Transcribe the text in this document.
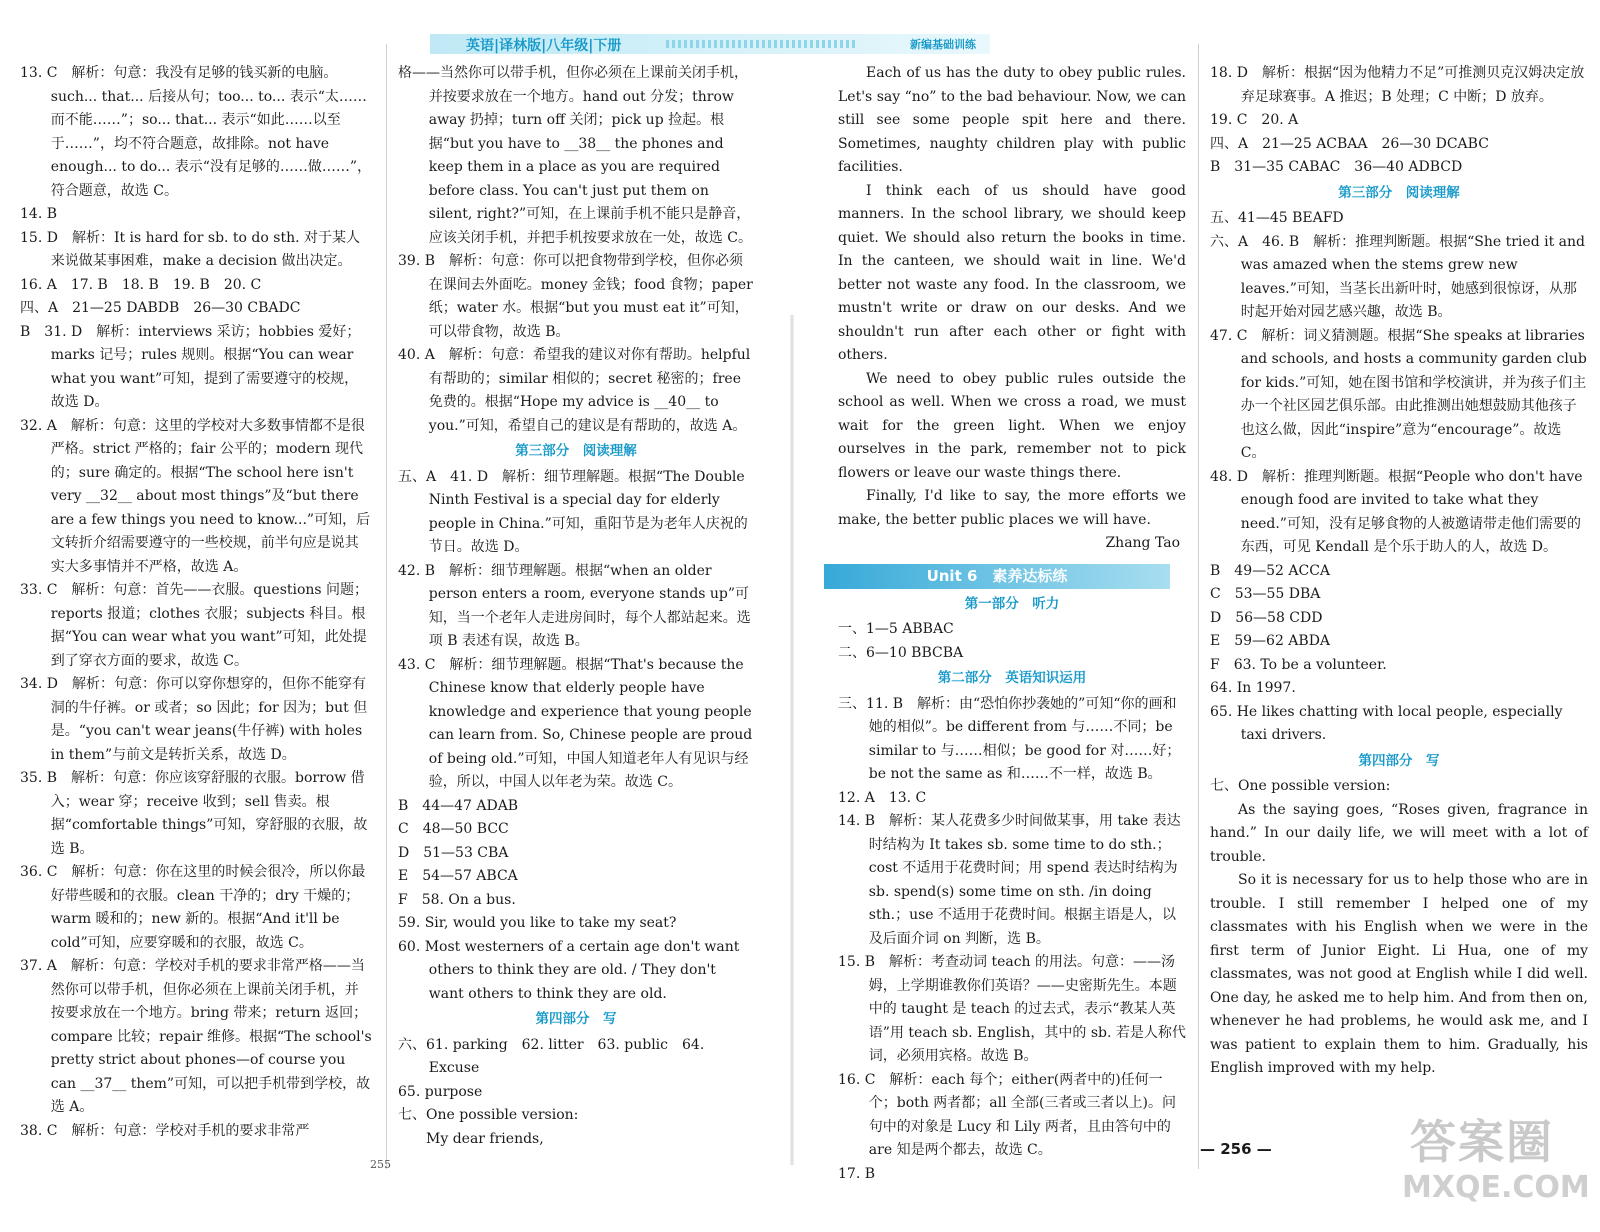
英语|译林版|八年级|下册	新编基础训练

13. C　解析：句意：我没有足够的钱买新的电脑。such... that... 后接从句；too... to... 表示“太……而不能……”；so... that... 表示“如此……以至于……”，均不符合题意，故排除。not have enough... to do... 表示“没有足够的……做……”，符合题意，故选 C。

14. B

15. D　解析：It is hard for sb. to do sth. 对于某人来说做某事困难，make a decision 做出决定。

16. A　17. B　18. B　19. B　20. C

四、A　21—25 DABDB　26—30 CBADC

B　31. D　解析：interviews 采访；hobbies 爱好；marks 记号；rules 规则。根据“You can wear what you want”可知，提到了需要遵守的校规，故选 D。

32. A　解析：句意：这里的学校对大多数事情都不是很严格。strict 严格的；fair 公平的；modern 现代的；sure 确定的。根据“The school here isn't very __32__ about most things”及“but there are a few things you need to know...”可知，后文转折介绍需要遵守的一些校规，前半句应是说其实大多事情并不严格，故选 A。

33. C　解析：句意：首先——衣服。questions 问题；reports 报道；clothes 衣服；subjects 科目。根据“You can wear what you want”可知，此处提到了穿衣方面的要求，故选 C。

34. D　解析：句意：你可以穿你想穿的，但你不能穿有洞的牛仔裤。or 或者；so 因此；for 因为；but 但是。“you can't wear jeans(牛仔裤) with holes in them”与前文是转折关系，故选 D。

35. B　解析：句意：你应该穿舒服的衣服。borrow 借入；wear 穿；receive 收到；sell 售卖。根据“comfortable things”可知，穿舒服的衣服，故选 B。

36. C　解析：句意：你在这里的时候会很冷，所以你最好带些暖和的衣服。clean 干净的；dry 干燥的；warm 暖和的；new 新的。根据“And it'll be cold”可知，应要穿暖和的衣服，故选 C。

37. A　解析：句意：学校对手机的要求非常严格——当然你可以带手机，但你必须在上课前关闭手机，并按要求放在一个地方。bring 带来；return 返回；compare 比较；repair 维修。根据“The school's pretty strict about phones—of course you can __37__ them”可知，可以把手机带到学校，故选 A。

38. C　解析：句意：学校对手机的要求非常严

格——当然你可以带手机，但你必须在上课前关闭手机，并按要求放在一个地方。hand out 分发；throw away 扔掉；turn off 关闭；pick up 捡起。根据“but you have to __38__ the phones and keep them in a place as you are required before class. You can't just put them on silent, right?”可知，在上课前手机不能只是静音，应该关闭手机，并把手机按要求放在一处，故选 C。

39. B　解析：句意：你可以把食物带到学校，但你必须在课间去外面吃。money 金钱；food 食物；paper 纸；water 水。根据“but you must eat it”可知，可以带食物，故选 B。

40. A　解析：句意：希望我的建议对你有帮助。helpful 有帮助的；similar 相似的；secret 秘密的；free 免费的。根据“Hope my advice is __40__ to you.”可知，希望自己的建议是有帮助的，故选 A。

第三部分　阅读理解

五、A　41. D　解析：细节理解题。根据“The Double Ninth Festival is a special day for elderly people in China.”可知，重阳节是为老年人庆祝的节日。故选 D。

42. B　解析：细节理解题。根据“when an older person enters a room, everyone stands up”可知，当一个老年人走进房间时，每个人都站起来。选项 B 表述有误，故选 B。

43. C　解析：细节理解题。根据“That's because the Chinese know that elderly people have knowledge and experience that young people can learn from. So, Chinese people are proud of being old.”可知，中国人知道老年人有见识与经验，所以，中国人以年老为荣。故选 C。

B　44—47 ADAB

C　48—50 BCC

D　51—53 CBA

E　54—57 ABCA

F　58. On a bus.

59. Sir, would you like to take my seat?

60. Most westerners of a certain age don't want others to think they are old. / They don't want others to think they are old.

第四部分　写

六、61. parking　62. litter　63. public　64. Excuse

65. purpose

七、One possible version:

My dear friends,

Each of us has the duty to obey public rules. Let's say “no” to the bad behaviour. Now, we can still see some people spit here and there. Sometimes, naughty children play with public facilities.

I think each of us should have good manners. In the school library, we should keep quiet. We should also return the books in time. In the canteen, we should wait in line. We'd better not waste any food. In the classroom, we mustn't write or draw on our desks. And we shouldn't run after each other or fight with others.

We need to obey public rules outside the school as well. When we cross a road, we must wait for the green light. When we enjoy ourselves in the park, remember not to pick flowers or leave our waste things there.

Finally, I'd like to say, the more efforts we make, the better public places we will have.

Zhang Tao

Unit 6　素养达标练

第一部分　听力

一、1—5 ABBAC

二、6—10 BBCBA

第二部分　英语知识运用

三、11. B　解析：由“恐怕你抄袭她的”可知“你的画和她的相似”。be different from 与……不同；be similar to 与……相似；be good for 对……好；be not the same as 和……不一样，故选 B。

12. A　13. C

14. B　解析：某人花费多少时间做某事，用 take 表达时结构为 It takes sb. some time to do sth.；cost 不适用于花费时间；用 spend 表达时结构为 sb. spend(s) some time on sth. /in doing sth.；use 不适用于花费时间。根据主语是人，以及后面介词 on 判断，选 B。

15. B　解析：考查动词 teach 的用法。句意：——汤姆，上学期谁教你们英语？——史密斯先生。本题中的 taught 是 teach 的过去式，表示“教某人英语”用 teach sb. English，其中的 sb. 若是人称代词，必须用宾格。故选 B。

16. C　解析：each 每个；either(两者中的)任何一个；both 两者都；all 全部(三者或三者以上)。问句中的对象是 Lucy 和 Lily 两者，且由答句中的 are 知是两个都去，故选 C。

17. B

18. D　解析：根据“因为他精力不足”可推测贝克汉姆决定放弃足球赛事。A 推迟；B 处理；C 中断；D 放弃。

19. C　20. A

四、A　21—25 ACBAA　26—30 DCABC

B　31—35 CABAC　36—40 ADBCD

第三部分　阅读理解

五、41—45 BEAFD

六、A　46. B　解析：推理判断题。根据“She tried it and was amazed when the stems grew new leaves.”可知，当茎长出新叶时，她感到很惊讶，从那时起开始对园艺感兴趣，故选 B。

47. C　解析：词义猜测题。根据“She speaks at libraries and schools, and hosts a community garden club for kids.”可知，她在图书馆和学校演讲，并为孩子们主办一个社区园艺俱乐部。由此推测出她想鼓励其他孩子也这么做，因此“inspire”意为“encourage”。故选 C。

48. D　解析：推理判断题。根据“People who don't have enough food are invited to take what they need.”可知，没有足够食物的人被邀请带走他们需要的东西，可见 Kendall 是个乐于助人的人，故选 D。

B　49—52 ACCA

C　53—55 DBA

D　56—58 CDD

E　59—62 ABDA

F　63. To be a volunteer.

64. In 1997.

65. He likes chatting with local people, especially taxi drivers.

第四部分　写

七、One possible version:

As the saying goes, “Roses given, fragrance in hand.” In our daily life, we will meet with a lot of trouble.

So it is necessary for us to help those who are in trouble. I still remember I helped one of my classmates with his English when we were in the first term of Junior Eight. Li Hua, one of my classmates, was not good at English while I did well. One day, he asked me to help him. And from then on, whenever he had problems, he would ask me, and I was patient to explain them to him. Gradually, his English improved with my help.

255
— 256 —	答案圈
MXQE.COM
